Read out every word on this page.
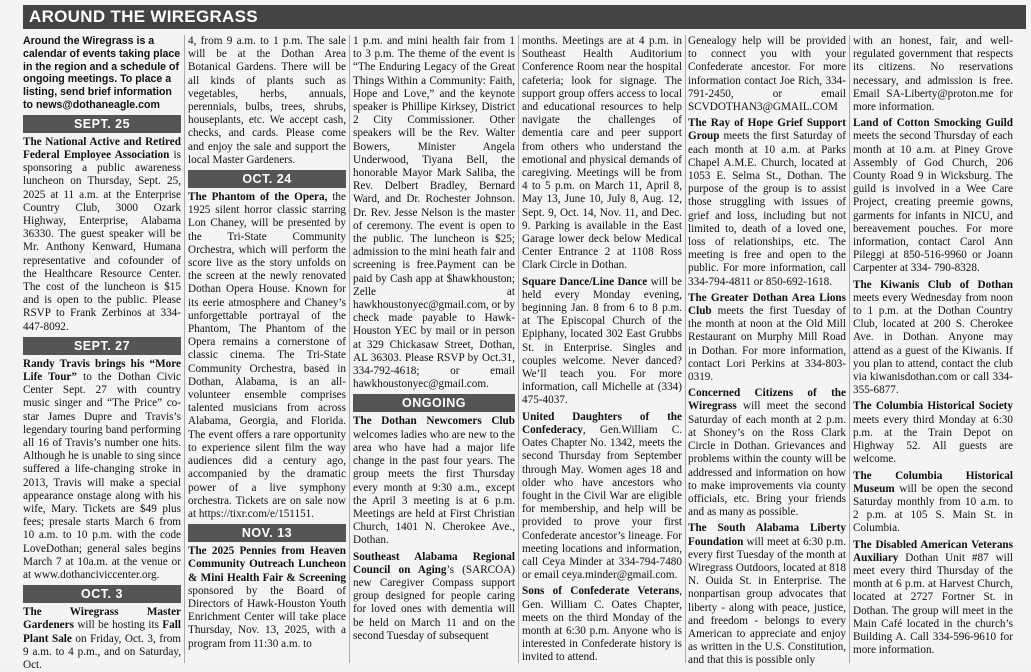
AROUND THE WIREGRASS

Around the Wiregrass is a calendar of events taking place in the region and a schedule of ongoing meetings. To place a listing, send brief information to news@dothaneagle.com

SEPT. 25

The National Active and Retired Federal Employee Association is sponsoring a public awareness luncheon on Thursday, Sept. 25, 2025 at 11 a.m. at the Enterprise Country Club, 3000 Ozark Highway, Enterprise, Alabama 36330. The guest speaker will be Mr. Anthony Kenward, Humana representative and cofounder of the Healthcare Resource Center. The cost of the luncheon is $15 and is open to the public. Please RSVP to Frank Zerbinos at 334-447-8092.

SEPT. 27

Randy Travis brings his “More Life Tour” to the Dothan Civic Center Sept. 27 with country music singer and “The Price” co-star James Dupre and Travis’s legendary touring band performing all 16 of Travis’s number one hits. Although he is unable to sing since suffered a life-changing stroke in 2013, Travis will make a special appearance onstage along with his wife, Mary. Tickets are $49 plus fees; presale starts March 6 from 10 a.m. to 10 p.m. with the code LoveDothan; general sales begins March 7 at 10a.m. at the venue or at www.dothanciviccenter.org.

OCT. 3

The Wiregrass Master Gardeners will be hosting its Fall Plant Sale on Friday, Oct. 3, from 9 a.m. to 4 p.m., and on Saturday, Oct.

4, from 9 a.m. to 1 p.m. The sale will be at the Dothan Area Botanical Gardens. There will be all kinds of plants such as vegetables, herbs, annuals, perennials, bulbs, trees, shrubs, houseplants, etc. We accept cash, checks, and cards. Please come and enjoy the sale and support the local Master Gardeners.

OCT. 24

The Phantom of the Opera, the 1925 silent horror classic starring Lon Chaney, will be presented by the Tri-State Community Orchestra, which will perform the score live as the story unfolds on the screen at the newly renovated Dothan Opera House. Known for its eerie atmosphere and Chaney’s unforgettable portrayal of the Phantom, The Phantom of the Opera remains a cornerstone of classic cinema. The Tri-State Community Orchestra, based in Dothan, Alabama, is an all-volunteer ensemble comprises talented musicians from across Alabama, Georgia, and Florida. The event offers a rare opportunity to experience silent film the way audiences did a century ago, accompanied by the dramatic power of a live symphony orchestra. Tickets are on sale now at https://tixr.com/e/151151.

NOV. 13

The 2025 Pennies from Heaven Community Outreach Luncheon & Mini Health Fair & Screening sponsored by the Board of Directors of Hawk-Houston Youth Enrichment Center will take place Thursday, Nov. 13, 2025, with a program from 11:30 a.m. to

1 p.m. and mini health fair from 1 to 3 p.m. The theme of the event is “The Enduring Legacy of the Great Things Within a Community: Faith, Hope and Love,” and the keynote speaker is Phillipe Kirksey, District 2 City Commissioner. Other speakers will be the Rev. Walter Bowers, Minister Angela Underwood, Tiyana Bell, the honorable Mayor Mark Saliba, the Rev. Delbert Bradley, Bernard Ward, and Dr. Rochester Johnson. Dr. Rev. Jesse Nelson is the master of ceremony. The event is open to the public. The luncheon is $25; admission to the mini heath fair and screening is free.Payment can be paid by Cash app at $hawkhouston; Zelle at hawkhoustonyec@gmail.com, or by check made payable to Hawk-Houston YEC by mail or in person at 329 Chickasaw Street, Dothan, AL 36303. Please RSVP by Oct.31, 334-792-4618; or email hawkhoustonyec@gmail.com.

ONGOING

The Dothan Newcomers Club welcomes ladies who are new to the area who have had a major life change in the past four years. The group meets the first Thursday every month at 9:30 a.m., except the April 3 meeting is at 6 p.m. Meetings are held at First Christian Church, 1401 N. Cherokee Ave., Dothan.

Southeast Alabama Regional Council on Aging’s (SARCOA) new Caregiver Compass support group designed for people caring for loved ones with dementia will be held on March 11 and on the second Tuesday of subsequent

months. Meetings are at 4 p.m. in Southeast Health Auditorium Conference Room near the hospital cafeteria; look for signage. The support group offers access to local and educational resources to help navigate the challenges of dementia care and peer support from others who understand the emotional and physical demands of caregiving. Meetings will be from 4 to 5 p.m. on March 11, April 8, May 13, June 10, July 8, Aug. 12, Sept. 9, Oct. 14, Nov. 11, and Dec. 9. Parking is available in the East Garage lower deck below Medical Center Entrance 2 at 1108 Ross Clark Circle in Dothan.

Square Dance/Line Dance will be held every Monday evening, beginning Jan. 8 from 6 to 8 p.m. at The Episcopal Church of the Epiphany, located 302 East Grubbs St. in Enterprise. Singles and couples welcome. Never danced? We’ll teach you. For more information, call Michelle at (334) 475-4037.

United Daughters of the Confederacy, Gen.William C. Oates Chapter No. 1342, meets the second Thursday from September through May. Women ages 18 and older who have ancestors who fought in the Civil War are eligible for membership, and help will be provided to prove your first Confederate ancestor’s lineage. For meeting locations and information, call Ceya Minder at 334-794-7480 or email ceya.minder@gmail.com.

Sons of Confederate Veterans, Gen. William C. Oates Chapter, meets on the third Monday of the month at 6:30 p.m. Anyone who is interested in Confederate history is invited to attend.

Genealogy help will be provided to connect you with your Confederate ancestor. For more information contact Joe Rich, 334-791-2450, or email SCVDOTHAN3@GMAIL.COM

The Ray of Hope Grief Support Group meets the first Saturday of each month at 10 a.m. at Parks Chapel A.M.E. Church, located at 1053 E. Selma St., Dothan. The purpose of the group is to assist those struggling with issues of grief and loss, including but not limited to, death of a loved one, loss of relationships, etc. The meeting is free and open to the public. For more information, call 334-794-4811 or 850-692-1618.

The Greater Dothan Area Lions Club meets the first Tuesday of the month at noon at the Old Mill Restaurant on Murphy Mill Road in Dothan. For more information, contact Lori Perkins at 334-803-0319.

Concerned Citizens of the Wiregrass will meet the second Saturday of each month at 2 p.m. at Shoney’s on the Ross Clark Circle in Dothan. Grievances and problems within the county will be addressed and information on how to make improvements via county officials, etc. Bring your friends and as many as possible.

The South Alabama Liberty Foundation will meet at 6:30 p.m. every first Tuesday of the month at Wiregrass Outdoors, located at 818 N. Ouida St. in Enterprise. The nonpartisan group advocates that liberty - along with peace, justice, and freedom - belongs to every American to appreciate and enjoy as written in the U.S. Constitution, and that this is possible only

with an honest, fair, and well-regulated government that respects its citizens. No reservations necessary, and admission is free. Email SA-Liberty@proton.me for more information.

Land of Cotton Smocking Guild meets the second Thursday of each month at 10 a.m. at Piney Grove Assembly of God Church, 206 County Road 9 in Wicksburg. The guild is involved in a Wee Care Project, creating preemie gowns, garments for infants in NICU, and bereavement pouches. For more information, contact Carol Ann Pileggi at 850-516-9960 or Joann Carpenter at 334- 790-8328.

The Kiwanis Club of Dothan meets every Wednesday from noon to 1 p.m. at the Dothan Country Club, located at 200 S. Cherokee Ave. in Dothan. Anyone may attend as a guest of the Kiwanis. If you plan to attend, contact the club via kiwanisdothan.com or call 334-355-6877.

The Columbia Historical Society meets every third Monday at 6:30 p.m. at the Train Depot on Highway 52. All guests are welcome.

The Columbia Historical Museum will be open the second Saturday monthly from 10 a.m. to 2 p.m. at 105 S. Main St. in Columbia.

The Disabled American Veterans Auxiliary Dothan Unit #87 will meet every third Thursday of the month at 6 p.m. at Harvest Church, located at 2727 Fortner St. in Dothan. The group will meet in the Main Café located in the church’s Building A. Call 334-596-9610 for more information.
